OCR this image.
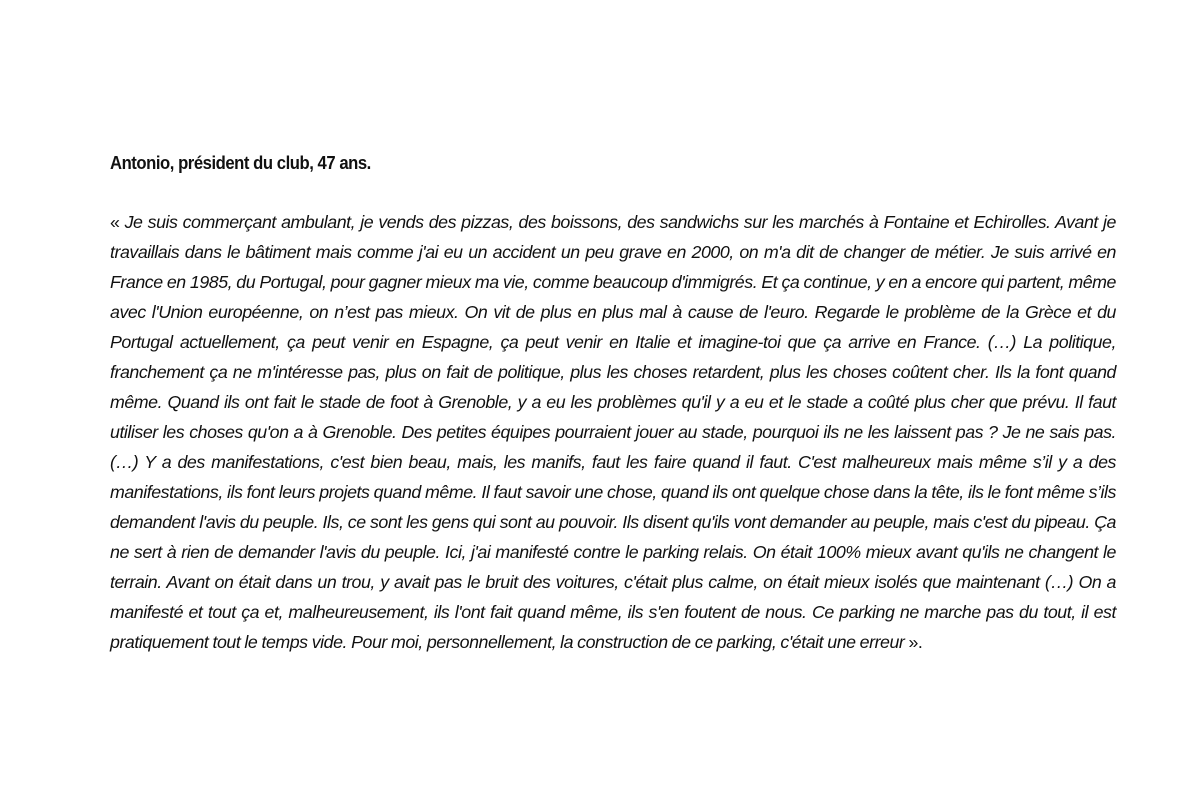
Antonio, président du club, 47 ans.

« Je suis commerçant ambulant, je vends des pizzas, des boissons, des sandwichs sur les marchés à Fontaine et Echirolles. Avant je travaillais dans le bâtiment mais comme j'ai eu un accident un peu grave en 2000, on m'a dit de changer de métier. Je suis arrivé en France en 1985, du Portugal, pour gagner mieux ma vie, comme beaucoup d'immigrés. Et ça continue, y en a encore qui partent, même avec l'Union européenne, on n’est pas mieux. On vit de plus en plus mal à cause de l'euro. Regarde le problème de la Grèce et du Portugal actuellement, ça peut venir en Espagne, ça peut venir en Italie et imagine-toi que ça arrive en France. (…) La politique, franchement ça ne m'intéresse pas, plus on fait de politique, plus les choses retardent, plus les choses coûtent cher. Ils la font quand même. Quand ils ont fait le stade de foot à Grenoble, y a eu les problèmes qu'il y a eu et le stade a coûté plus cher que prévu. Il faut utiliser les choses qu'on a à Grenoble. Des petites équipes pourraient jouer au stade, pourquoi ils ne les laissent pas ? Je ne sais pas. (…) Y a des manifestations, c'est bien beau, mais, les manifs, faut les faire quand il faut. C'est malheureux mais même s’il y a des manifestations, ils font leurs projets quand même. Il faut savoir une chose, quand ils ont quelque chose dans la tête, ils le font même s’ils demandent l'avis du peuple. Ils, ce sont les gens qui sont au pouvoir. Ils disent qu'ils vont demander au peuple, mais c'est du pipeau. Ça ne sert à rien de demander l'avis du peuple. Ici, j'ai manifesté contre le parking relais. On était 100% mieux avant qu'ils ne changent le terrain. Avant on était dans un trou, y avait pas le bruit des voitures, c'était plus calme, on était mieux isolés que maintenant (…) On a manifesté et tout ça et, malheureusement, ils l'ont fait quand même, ils s'en foutent de nous. Ce parking ne marche pas du tout, il est pratiquement tout le temps vide. Pour moi, personnellement, la construction de ce parking, c'était une erreur ».
